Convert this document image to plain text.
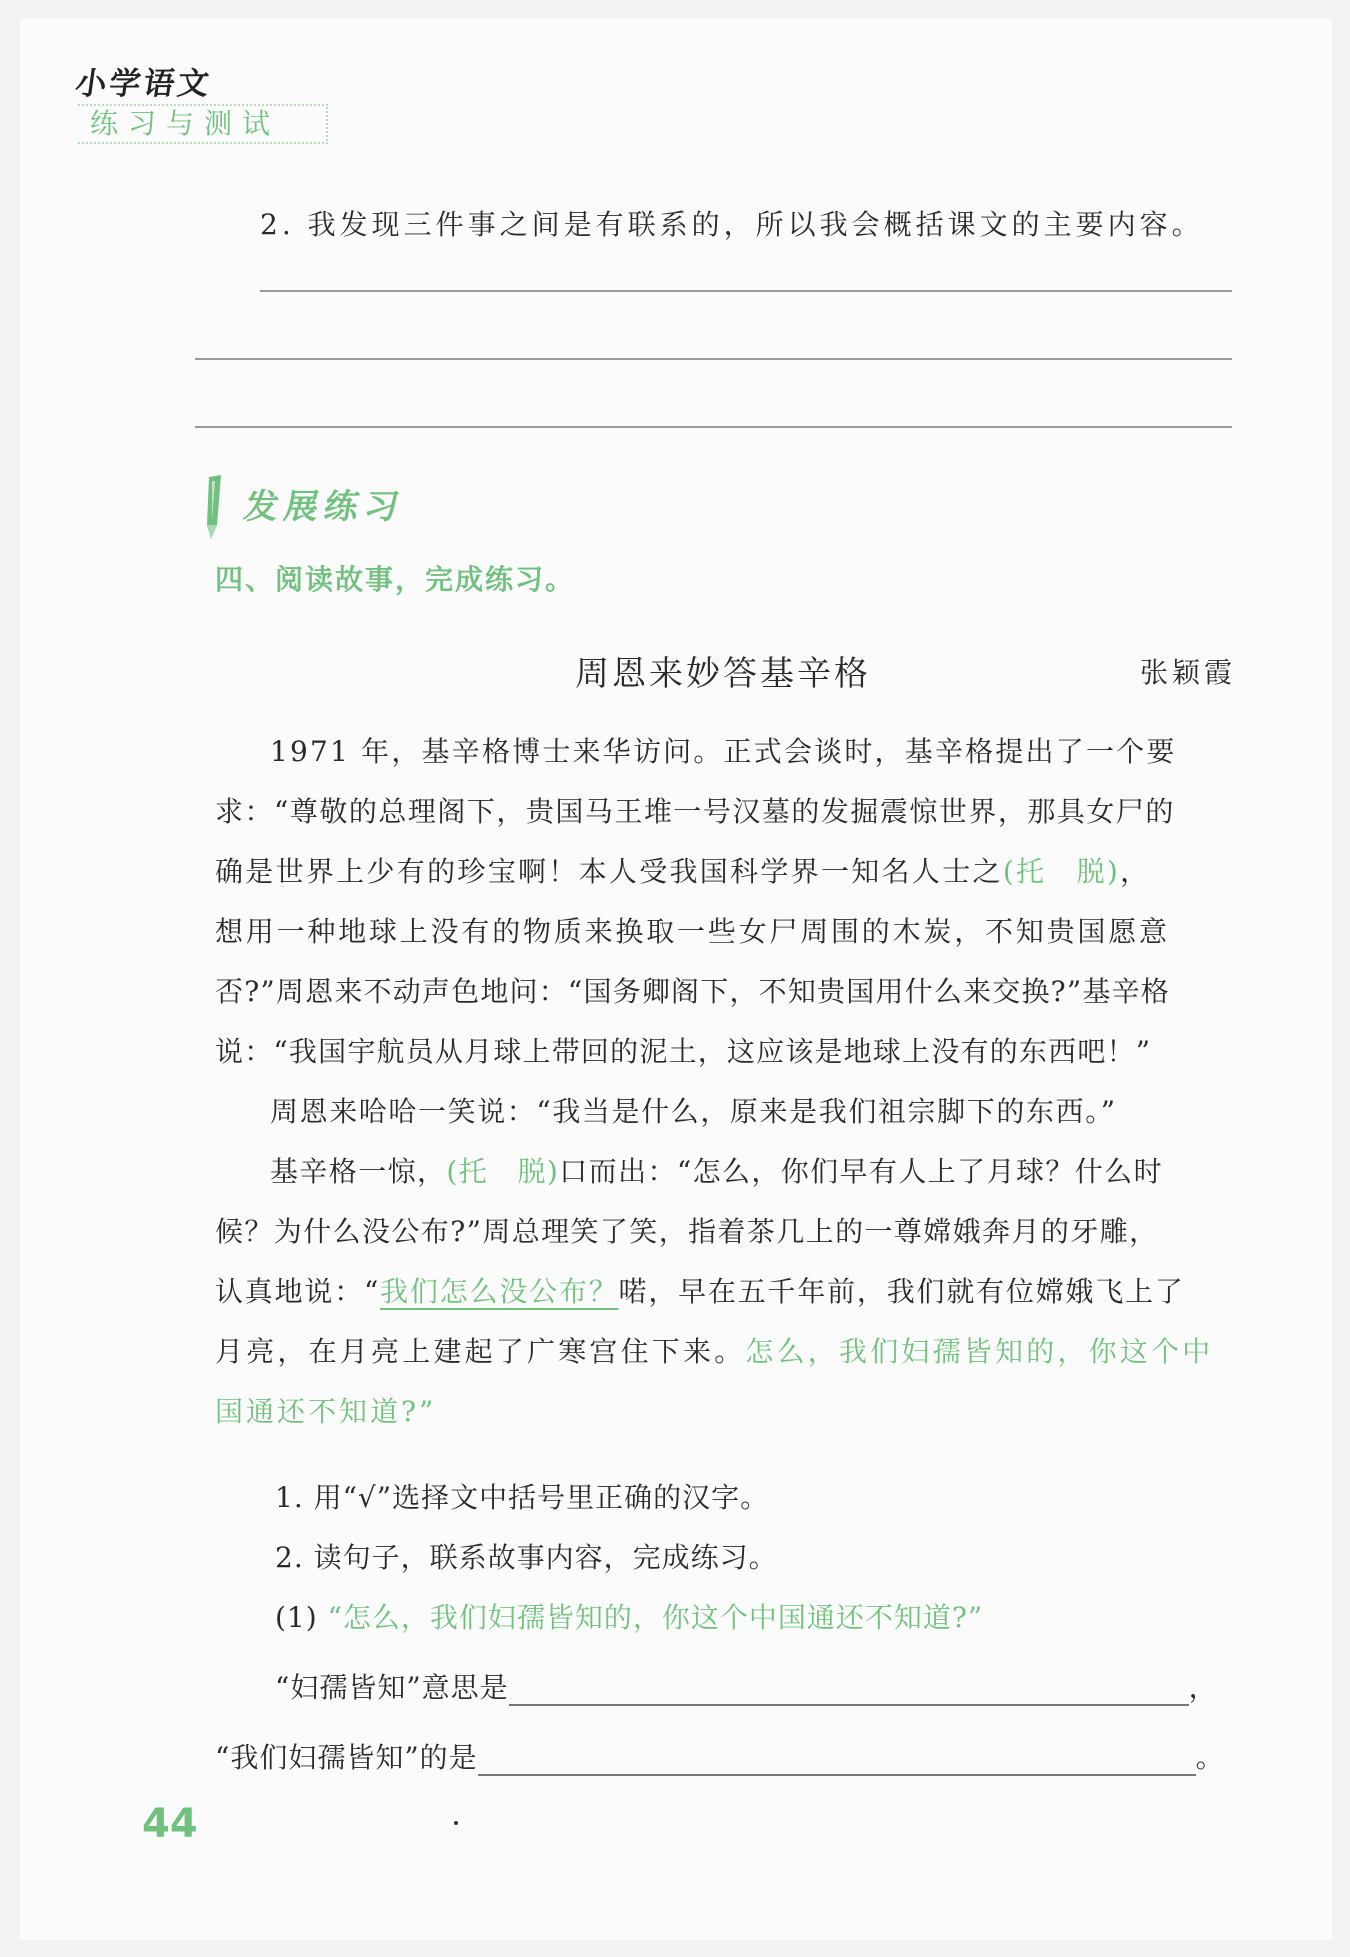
小学语文
练习与测试
2. 我发现三件事之间是有联系的，所以我会概括课文的主要内容。
发展练习
四、阅读故事，完成练习。
周恩来妙答基辛格	张颖霞
1971 年，基辛格博士来华访问。正式会谈时，基辛格提出了一个要
求：“尊敬的总理阁下，贵国马王堆一号汉墓的发掘震惊世界，那具女尸的
确是世界上少有的珍宝啊！本人受我国科学界一知名人士之(托　脱)，
想用一种地球上没有的物质来换取一些女尸周围的木炭，不知贵国愿意
否?”周恩来不动声色地问：“国务卿阁下，不知贵国用什么来交换?”基辛格
说：“我国宇航员从月球上带回的泥土，这应该是地球上没有的东西吧！”
周恩来哈哈一笑说：“我当是什么，原来是我们祖宗脚下的东西。”
基辛格一惊，(托　脱)口而出：“怎么，你们早有人上了月球？什么时
候？为什么没公布?”周总理笑了笑，指着茶几上的一尊嫦娥奔月的牙雕，
认真地说：“我们怎么没公布？喏，早在五千年前，我们就有位嫦娥飞上了
月亮，在月亮上建起了广寒宫住下来。怎么，我们妇孺皆知的，你这个中
国通还不知道?”
1. 用“√”选择文中括号里正确的汉字。
2. 读句子，联系故事内容，完成练习。
(1) “怎么，我们妇孺皆知的，你这个中国通还不知道?”
“妇孺皆知”意思是	，
“我们妇孺皆知”的是	。
44
